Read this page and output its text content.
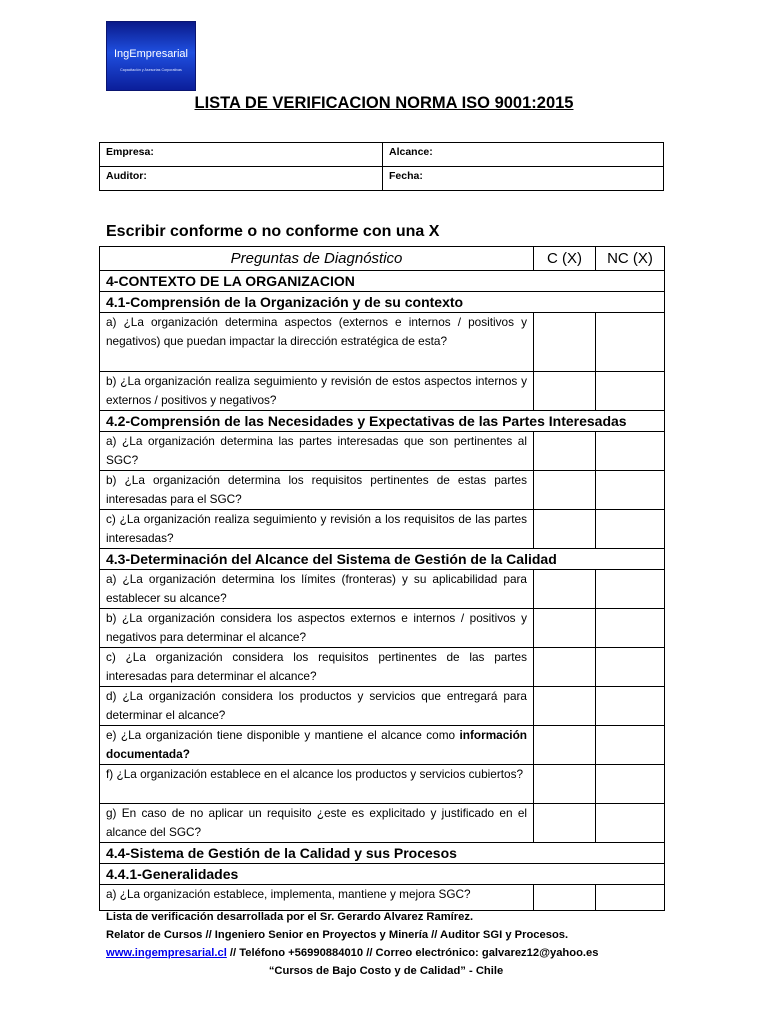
IngEmpresarial
Capacitación y Asesorías Corporativas
LISTA DE VERIFICACION NORMA ISO 9001:2015
Empresa:	Alcance:
Auditor:	Fecha:
Escribir conforme o no conforme con una X
Preguntas de Diagnóstico	C (X)	NC (X)
4-CONTEXTO DE LA ORGANIZACION		
4.1-Comprensión de la Organización y de su contexto		
a) ¿La organización determina aspectos (externos e internos / positivos y negativos) que puedan impactar la dirección estratégica de esta?		
b) ¿La organización realiza seguimiento y revisión de estos aspectos internos y externos / positivos y negativos?		
4.2-Comprensión de las Necesidades y Expectativas de las Partes Interesadas		
a) ¿La organización determina las partes interesadas que son pertinentes al SGC?		
b) ¿La organización determina los requisitos pertinentes de estas partes interesadas para el SGC?		
c) ¿La organización realiza seguimiento y revisión a los requisitos de las partes interesadas?		
4.3-Determinación del Alcance del Sistema de Gestión de la Calidad		
a) ¿La organización determina los límites (fronteras) y su aplicabilidad para establecer su alcance?		
b) ¿La organización considera los aspectos externos e internos / positivos y negativos para determinar el alcance?		
c) ¿La organización considera los requisitos pertinentes de las partes interesadas para determinar el alcance?		
d) ¿La organización considera los productos y servicios que entregará para determinar el alcance?		
e) ¿La organización tiene disponible y mantiene el alcance como información documentada?		
f) ¿La organización establece en el alcance los productos y servicios cubiertos?		
g) En caso de no aplicar un requisito ¿este es explicitado y justificado en el alcance del SGC?		
4.4-Sistema de Gestión de la Calidad y sus Procesos		
4.4.1-Generalidades		
a) ¿La organización establece, implementa, mantiene y mejora SGC?		
Lista de verificación desarrollada por el Sr. Gerardo Alvarez Ramírez.
Relator de Cursos // Ingeniero Senior en Proyectos y Minería // Auditor SGI y Procesos.
www.ingempresarial.cl // Teléfono +56990884010 // Correo electrónico: galvarez12@yahoo.es
“Cursos de Bajo Costo y de Calidad” - Chile
